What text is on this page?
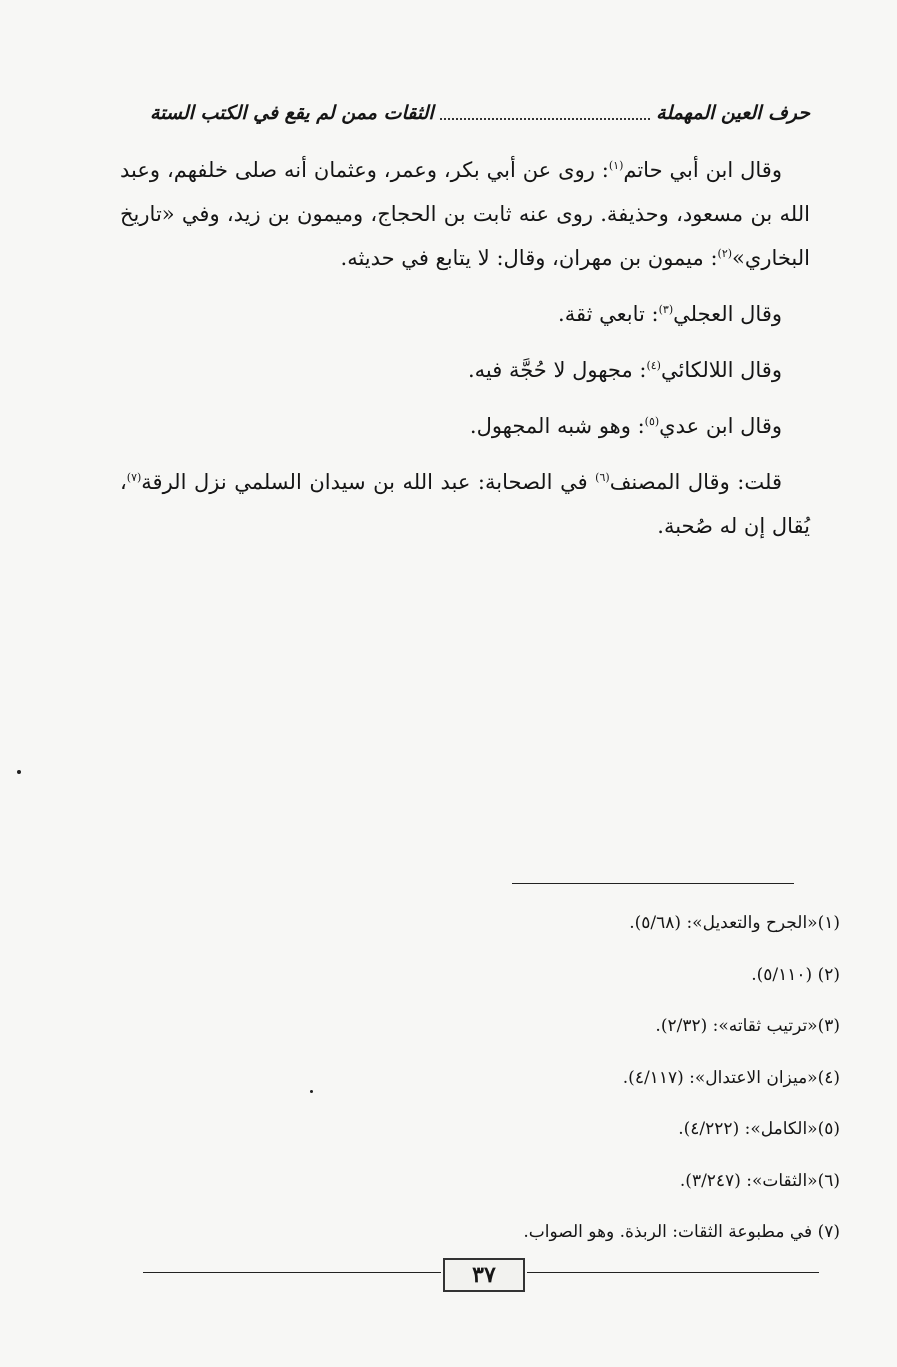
حرف العين المهملة
الثقات ممن لم يقع في الكتب الستة

وقال ابن أبي حاتم$^{(١)}$: روى عن أبي بكر، وعمر، وعثمان أنه صلى خلفهم، وعبد الله بن مسعود، وحذيفة. روى عنه ثابت بن الحجاج، وميمون بن زيد، وفي «تاريخ البخاري»$^{(٢)}$: ميمون بن مهران، وقال: لا يتابع في حديثه.

وقال العجلي$^{(٣)}$: تابعي ثقة.

وقال اللالكائي$^{(٤)}$: مجهول لا حُجَّة فيه.

وقال ابن عدي$^{(٥)}$: وهو شبه المجهول.

قلت: وقال المصنف$^{(٦)}$ في الصحابة: عبد الله بن سيدان السلمي نزل الرقة$^{(٧)}$، يُقال إن له صُحبة.

(١)«الجرح والتعديل»: (٥/٦٨).

(٢) (٥/١١٠).

(٣)«ترتيب ثقاته»: (٢/٣٢).

(٤)«ميزان الاعتدال»: (٤/١١٧).

(٥)«الكامل»: (٤/٢٢٢).

(٦)«الثقات»: (٣/٢٤٧).

(٧) في مطبوعة الثقات: الربذة. وهو الصواب.

٣٧
